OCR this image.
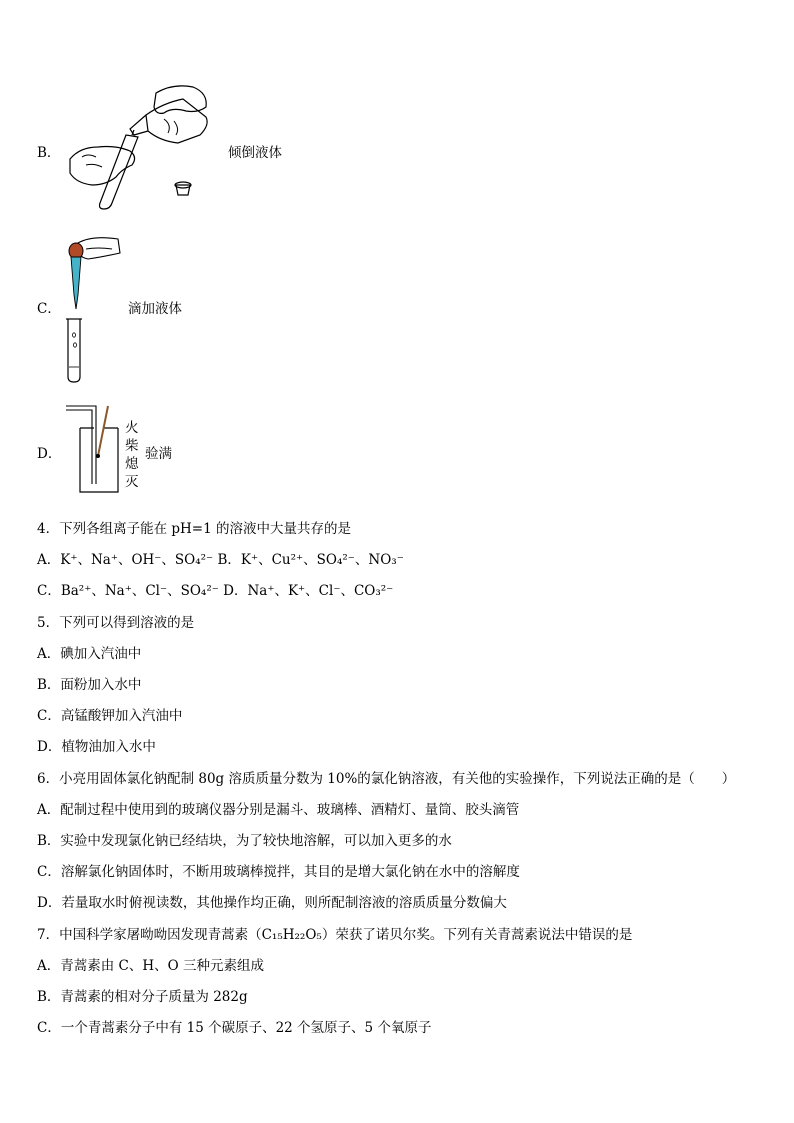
B．	倾倒液体
C．	滴加液体
D．
火
柴
熄
灭
验满
4．下列各组离子能在 pH=1 的溶液中大量共存的是
A．K⁺、Na⁺、OH⁻、SO₄²⁻ B．K⁺、Cu²⁺、SO₄²⁻、NO₃⁻
C．Ba²⁺、Na⁺、Cl⁻、SO₄²⁻ D．Na⁺、K⁺、Cl⁻、CO₃²⁻
5．下列可以得到溶液的是
A．碘加入汽油中
B．面粉加入水中
C．高锰酸钾加入汽油中
D．植物油加入水中
6．小亮用固体氯化钠配制 80g 溶质质量分数为 10%的氯化钠溶液，有关他的实验操作，下列说法正确的是（　　）
A．配制过程中使用到的玻璃仪器分别是漏斗、玻璃棒、酒精灯、量筒、胶头滴管
B．实验中发现氯化钠已经结块，为了较快地溶解，可以加入更多的水
C．溶解氯化钠固体时，不断用玻璃棒搅拌，其目的是增大氯化钠在水中的溶解度
D．若量取水时俯视读数，其他操作均正确，则所配制溶液的溶质质量分数偏大
7．中国科学家屠呦呦因发现青蒿素（C₁₅H₂₂O₅）荣获了诺贝尔奖。下列有关青蒿素说法中错误的是
A．青蒿素由 C、H、O 三种元素组成
B．青蒿素的相对分子质量为 282g
C．一个青蒿素分子中有 15 个碳原子、22 个氢原子、5 个氧原子
